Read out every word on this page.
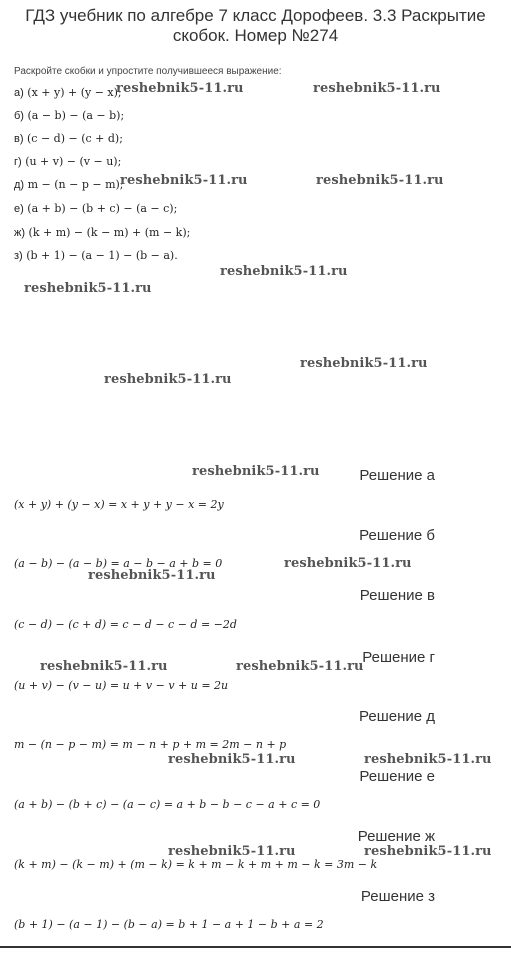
ГДЗ учебник по алгебре 7 класс Дорофеев. 3.3 Раскрытие скобок. Номер №274
Раскройте скобки и упростите получившееся выражение:
а) (x + y) + (y − x);
б) (a − b) − (a − b);
в) (c − d) − (c + d);
г) (u + v) − (v − u);
д) m − (n − p − m);
е) (a + b) − (b + c) − (a − c);
ж) (k + m) − (k − m) + (m − k);
з) (b + 1) − (a − 1) − (b − a).
Решение а
(x + y) + (y − x) = x + y + y − x = 2y
Решение б
(a − b) − (a − b) = a − b − a + b = 0
Решение в
(c − d) − (c + d) = c − d − c − d = −2d
Решение г
(u + v) − (v − u) = u + v − v + u = 2u
Решение д
m − (n − p − m) = m − n + p + m = 2m − n + p
Решение е
(a + b) − (b + c) − (a − c) = a + b − b − c − a + c = 0
Решение ж
(k + m) − (k − m) + (m − k) = k + m − k + m + m − k = 3m − k
Решение з
(b + 1) − (a − 1) − (b − a) = b + 1 − a + 1 − b + a = 2
reshebnik5-11.ru	reshebnik5-11.ru
reshebnik5-11.ru	reshebnik5-11.ru
reshebnik5-11.ru
reshebnik5-11.ru
reshebnik5-11.ru
reshebnik5-11.ru
reshebnik5-11.ru
reshebnik5-11.ru
reshebnik5-11.ru
reshebnik5-11.ru	reshebnik5-11.ru
reshebnik5-11.ru	reshebnik5-11.ru
reshebnik5-11.ru	reshebnik5-11.ru
